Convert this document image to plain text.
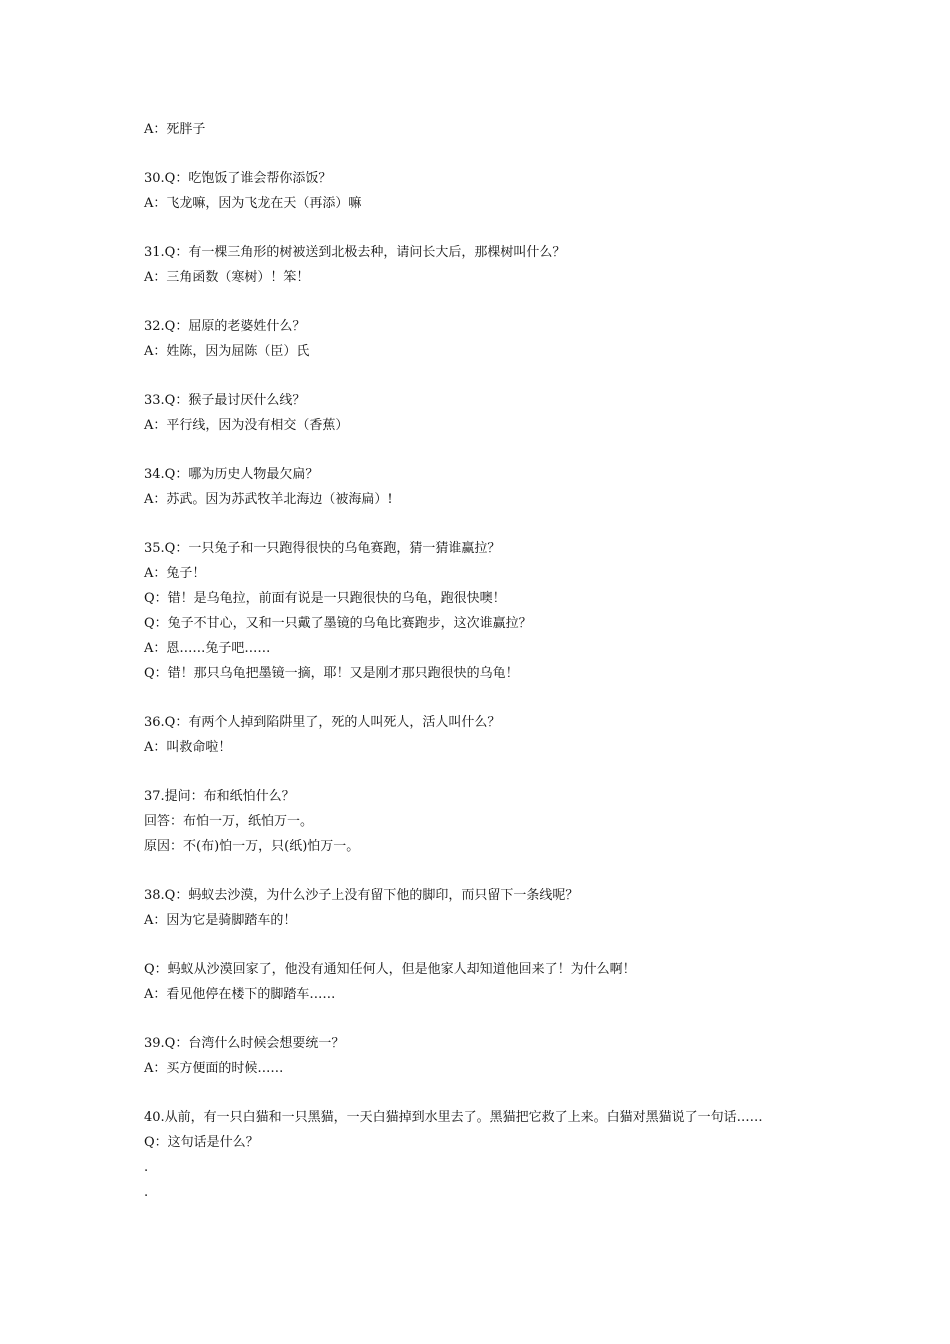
A：死胖子
30.Q：吃饱饭了谁会帮你添饭？
A：飞龙嘛，因为飞龙在天（再添）嘛
31.Q：有一棵三角形的树被送到北极去种，请问长大后，那棵树叫什么？
A：三角函数（寒树）！笨！
32.Q：屈原的老婆姓什么？
A：姓陈，因为屈陈（臣）氏
33.Q：猴子最讨厌什么线？
A：平行线，因为没有相交（香蕉）
34.Q：哪为历史人物最欠扁？
A：苏武。因为苏武牧羊北海边（被海扁）!
35.Q：一只兔子和一只跑得很快的乌龟赛跑，猜一猜谁赢拉？
A：兔子！
Q：错！是乌龟拉，前面有说是一只跑很快的乌龟，跑很快噢！
Q：兔子不甘心，又和一只戴了墨镜的乌龟比赛跑步，这次谁赢拉？
A：恩……兔子吧……
Q：错！那只乌龟把墨镜一摘，耶！又是刚才那只跑很快的乌龟！
36.Q：有两个人掉到陷阱里了，死的人叫死人，活人叫什么？
A：叫救命啦！
37.提问：布和纸怕什么？
回答：布怕一万，纸怕万一。
原因：不(布)怕一万，只(纸)怕万一。
38.Q：蚂蚁去沙漠，为什么沙子上没有留下他的脚印，而只留下一条线呢？
A：因为它是骑脚踏车的！
Q：蚂蚁从沙漠回家了，他没有通知任何人，但是他家人却知道他回来了！为什么啊！
A：看见他停在楼下的脚踏车……
39.Q：台湾什么时候会想要统一？
A：买方便面的时候……
40.从前，有一只白猫和一只黑猫，一天白猫掉到水里去了。黑猫把它救了上来。白猫对黑猫说了一句话……
Q：这句话是什么？
.
.
